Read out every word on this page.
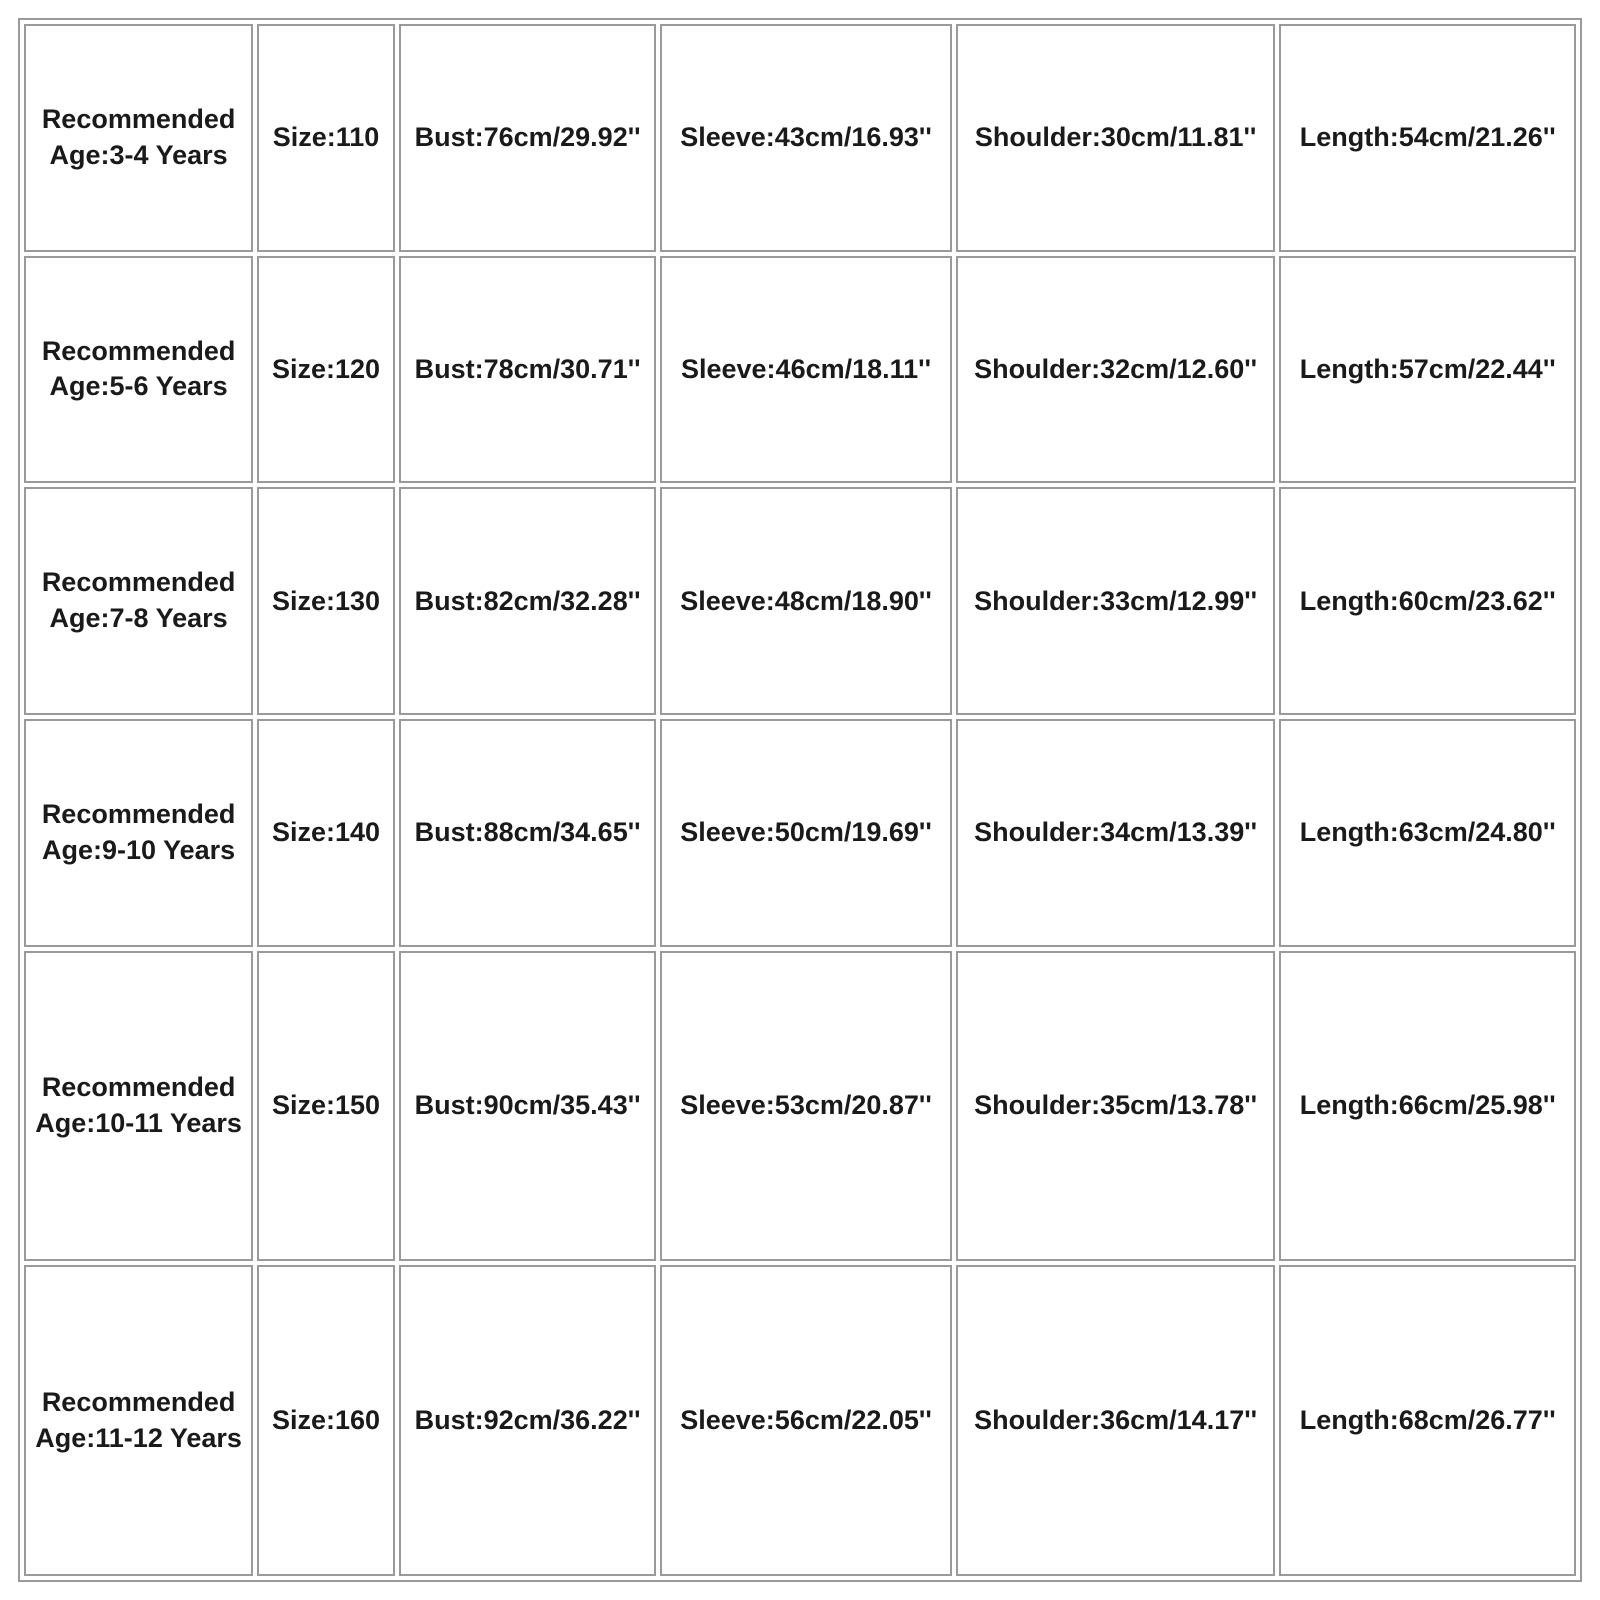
Recommended Age:3-4 Years	Size:110	Bust:76cm/29.92''	Sleeve:43cm/16.93''	Shoulder:30cm/11.81''	Length:54cm/21.26''
Recommended Age:5-6 Years	Size:120	Bust:78cm/30.71''	Sleeve:46cm/18.11''	Shoulder:32cm/12.60''	Length:57cm/22.44''
Recommended Age:7-8 Years	Size:130	Bust:82cm/32.28''	Sleeve:48cm/18.90''	Shoulder:33cm/12.99''	Length:60cm/23.62''
Recommended Age:9-10 Years	Size:140	Bust:88cm/34.65''	Sleeve:50cm/19.69''	Shoulder:34cm/13.39''	Length:63cm/24.80''
Recommended Age:10-11 Years	Size:150	Bust:90cm/35.43''	Sleeve:53cm/20.87''	Shoulder:35cm/13.78''	Length:66cm/25.98''
Recommended Age:11-12 Years	Size:160	Bust:92cm/36.22''	Sleeve:56cm/22.05''	Shoulder:36cm/14.17''	Length:68cm/26.77''
